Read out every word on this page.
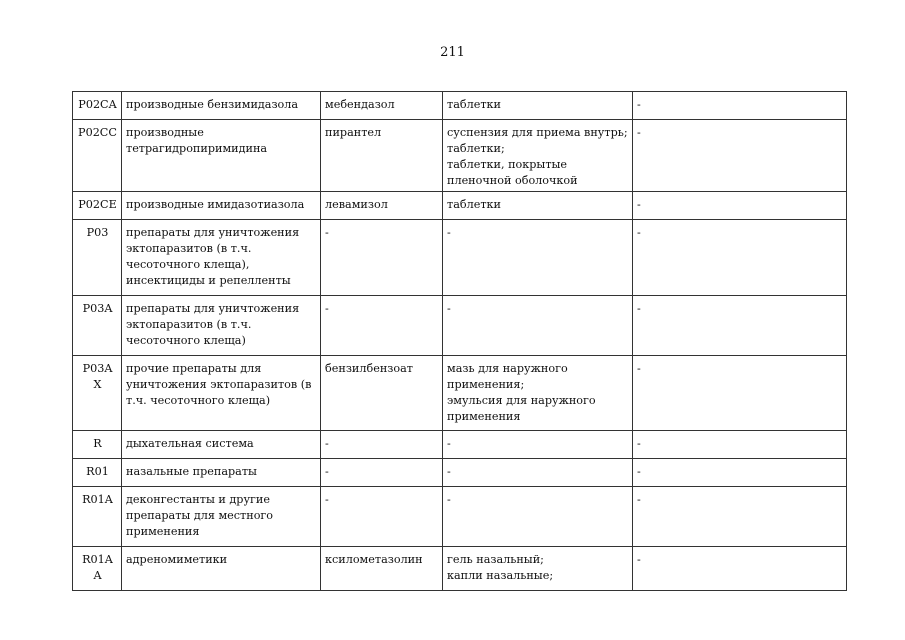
211
P02CA	производные бензимидазола	мебендазол	таблетки	-

P02CC	производные
тетрагидропиримидина	пирантел	суспензия для приема внутрь;
таблетки;
таблетки, покрытые
пленочной оболочкой	-

P02CE	производные имидазотиазола	левамизол	таблетки	-

P03	препараты для уничтожения
эктопаразитов (в т.ч.
чесоточного клеща),
инсектициды и репелленты	-	-	-

P03A	препараты для уничтожения
эктопаразитов (в т.ч.
чесоточного клеща)	-	-	-

P03A
X	прочие препараты для
уничтожения эктопаразитов (в
т.ч. чесоточного клеща)	бензилбензоат	мазь для наружного
применения;
эмульсия для наружного
применения	-

R	дыхательная система	-	-	-

R01	назальные препараты	-	-	-

R01A	деконгестанты и другие
препараты для местного
применения	-	-	-

R01A
A	адреномиметики	ксилометазолин	гель назальный;
капли назальные;	-
